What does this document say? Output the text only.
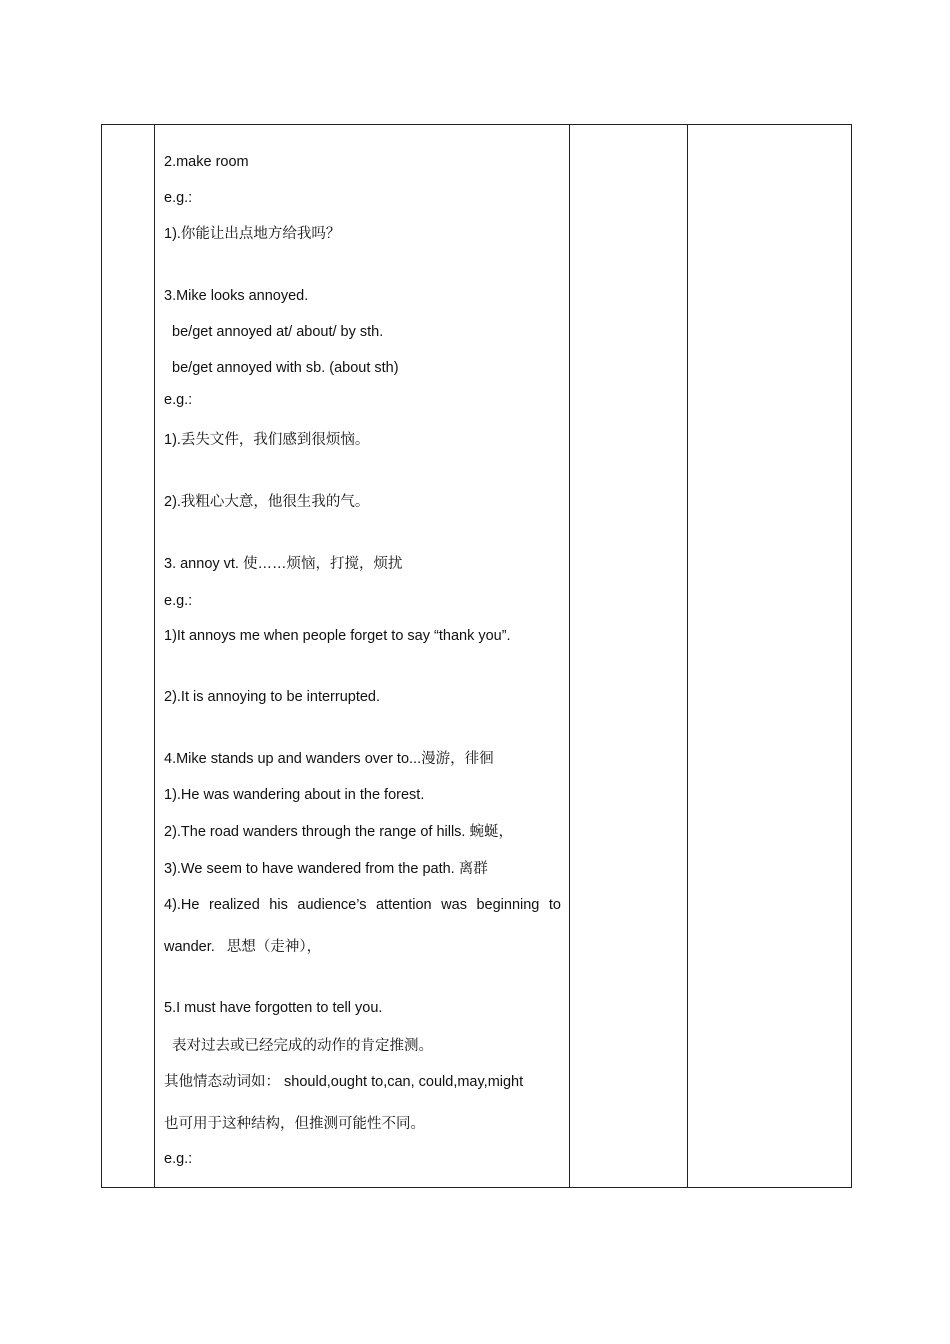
2.make room
e.g.:
1).你能让出点地方给我吗？
3.Mike looks annoyed.
be/get annoyed at/ about/ by sth.
be/get annoyed with sb. (about sth)
e.g.:
1).丢失文件，我们感到很烦恼。
2).我粗心大意，他很生我的气。
3. annoy vt. 使……烦恼，打搅，烦扰
e.g.:
1)It annoys me when people forget to say “thank you”.
2).It is annoying to be interrupted.
4.Mike stands up and wanders over to...漫游，徘徊
1).He was wandering about in the forest.
2).The road wanders through the range of hills. 蜿蜒，
3).We seem to have wandered from the path. 离群
4).He realized his audience’s attention was beginning to
wander.   思想（走神），
5.I must have forgotten to tell you.
表对过去或已经完成的动作的肯定推测。
其他情态动词如： should,ought to,can, could,may,might
也可用于这种结构，但推测可能性不同。
e.g.:
